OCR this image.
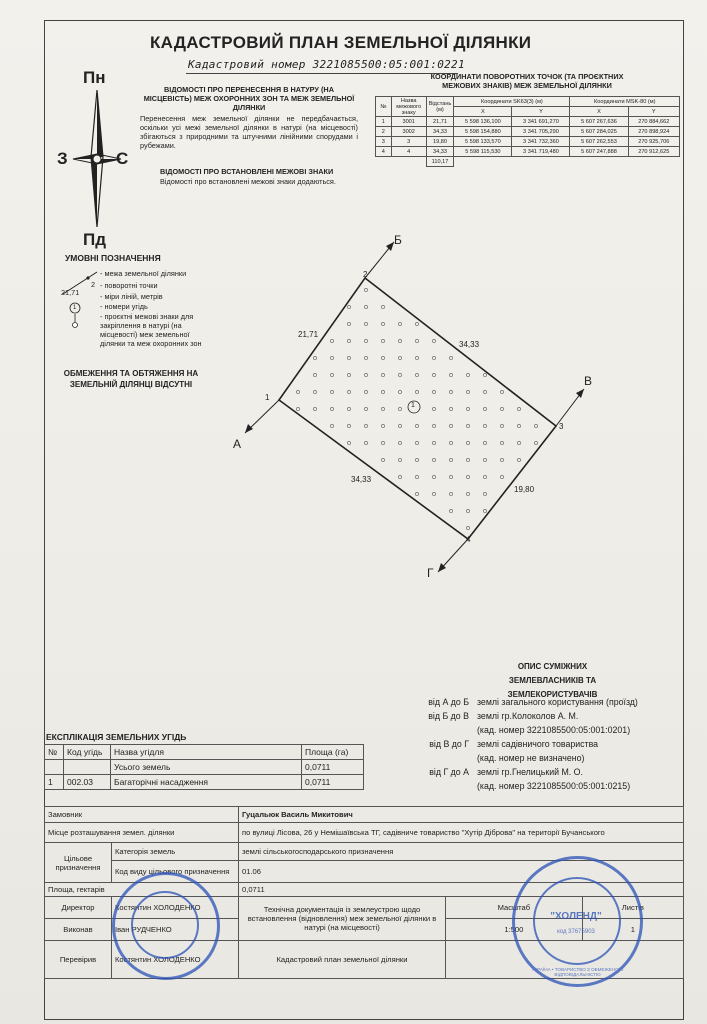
КАДАСТРОВИЙ ПЛАН ЗЕМЕЛЬНОЇ ДІЛЯНКИ
Кадастровий номер 3221085500:05:001:0221
Пн
Пд
З	С
ВІДОМОСТІ ПРО ПЕРЕНЕСЕННЯ В НАТУРУ (НА МІСЦЕВІСТЬ) МЕЖ ОХОРОННИХ ЗОН ТА МЕЖ ЗЕМЕЛЬНОЇ ДІЛЯНКИ
Перенесення меж земельної ділянки не передбачається, оскільки усі межі земельної ділянки в натурі (на місцевості) збігаються з природними та штучними лінійними спорудами і рубежами.
ВІДОМОСТІ ПРО ВСТАНОВЛЕНІ МЕЖОВІ ЗНАКИ
Відомості про встановлені межові знаки додаються.
КООРДИНАТИ ПОВОРОТНИХ ТОЧОК (ТА ПРОЄКТНИХ МЕЖОВИХ ЗНАКІВ) МЕЖ ЗЕМЕЛЬНОЇ ДІЛЯНКИ
№	Назва межового знаку	Відстань (м)	Координати SK63(3) (м)		Координати MSK-80 (м)	
			X	Y	X	Y
1	3001	21,71	5 598 136,100	3 341 691,270	5 607 267,636	270 884,662
2	3002	34,33	5 598 154,880	3 341 705,290	5 607 284,025	270 898,924
3	3	19,80	5 598 133,570	3 341 732,360	5 607 262,553	270 925,706
4	4	34,33	5 598 115,530	3 341 719,480	5 607 247,888	270 912,625
		110,17				
УМОВНІ ПОЗНАЧЕННЯ
21,71
2
1
- межа земельної ділянки
- поворотні точки
- міри ліній, метрів
- номери угідь
- проєктні межові знаки для закріплення в натурі (на місцевості) меж земельної ділянки та меж охоронних зон
ОБМЕЖЕННЯ ТА ОБТЯЖЕННЯ НА ЗЕМЕЛЬНІЙ ДІЛЯНЦІ ВІДСУТНІ
1
2
3
4
1
А
Б
В
Г
21,71
34,33
19,80
34,33
ОПИС СУМІЖНИХ ЗЕМЛЕВЛАСНИКІВ ТА ЗЕМЛЕКОРИСТУВАЧІВ
від А до Б землі загального користування (проїзд)
від Б до В землі гр.Колоколов А. М.
(кад. номер 3221085500:05:001:0201)
від В до Г землі садівничого товариства
(кад. номер не визначено)
від Г до А землі гр.Гнелицький М. О.
(кад. номер 3221085500:05:001:0215)
ЕКСПЛІКАЦІЯ ЗЕМЕЛЬНИХ УГІДЬ
№	Код угідь	Назва угідля	Площа (га)
		Усього земель	0,0711
1	002.03	Багаторічні насадження	0,0711
Замовник		Гуцальюк Василь Микитович		
Місце розташування земел. ділянки		по вулиці Лісова, 26 у Немішаївська ТГ, садівниче товариство "Хутір Діброва" на території Бучанського		
Цільове призначення	Категорія земель	землі сільськогосподарського призначення		
	Код виду цільового призначення	01.06		
Площа, гектарів		0,0711		
Директор	Костянтин ХОЛОДЕНКО	Технічна документація із землеустрою щодо встановлення (відновлення) меж земельної ділянки в натурі (на місцевості)	Масштаб	Листів
Виконав	Іван РУДЧЕНКО		1:500	1
Перевірив	Костянтин ХОЛОДЕНКО	Кадастровий план земельної ділянки		
"ХОЛЕНД"
код 37675903
УКРАЇНА • ТОВАРИСТВО З ОБМЕЖЕНОЮ ВІДПОВІДАЛЬНІСТЮ
